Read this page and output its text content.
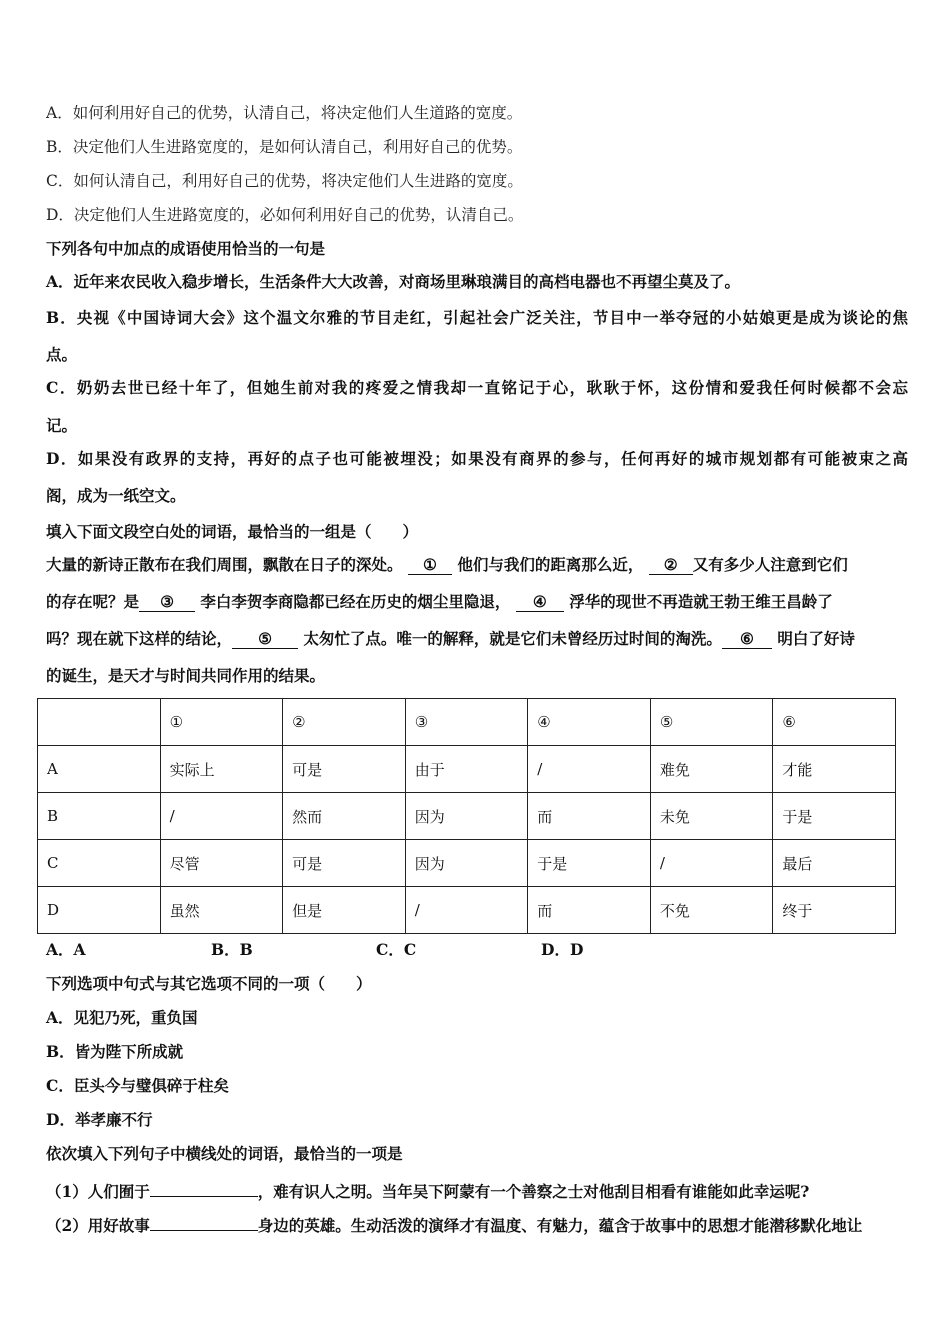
A．如何利用好自己的优势，认清自己，将决定他们人生道路的宽度。
B．决定他们人生进路宽度的，是如何认清自己，利用好自己的优势。
C．如何认清自己，利用好自己的优势，将决定他们人生进路的宽度。
D．决定他们人生进路宽度的，必如何利用好自己的优势，认清自己。
下列各句中加点的成语使用恰当的一句是
A．近年来农民收入稳步增长，生活条件大大改善，对商场里琳琅满目的高档电器也不再望尘莫及了。
B．央视《中国诗词大会》这个温文尔雅的节目走红，引起社会广泛关注，节目中一举夺冠的小姑娘更是成为谈论的焦
点。
C．奶奶去世已经十年了，但她生前对我的疼爱之情我却一直铭记于心，耿耿于怀，这份情和爱我任何时候都不会忘
记。
D．如果没有政界的支持，再好的点子也可能被埋没；如果没有商界的参与，任何再好的城市规划都有可能被束之高
阁，成为一纸空文。
填入下面文段空白处的词语，最恰当的一组是（　　）
大量的新诗正散布在我们周围，飘散在日子的深处。 ① 他们与我们的距离那么近， ② 又有多少人注意到它们
的存在呢？是 ③ 李白李贺李商隐都已经在历史的烟尘里隐退， ④ 浮华的现世不再造就王勃王维王昌龄了
吗？现在就下这样的结论， ⑤ 太匆忙了点。唯一的解释，就是它们未曾经历过时间的淘洗。 ⑥ 明白了好诗
的诞生，是天才与时间共同作用的结果。
	①	②	③	④	⑤	⑥
A	实际上	可是	由于	/	难免	才能
B	/	然而	因为	而	未免	于是
C	尽管	可是	因为	于是	/	最后
D	虽然	但是	/	而	不免	终于
A．A	B．B	C．C	D．D
下列选项中句式与其它选项不同的一项（　　）
A．见犯乃死，重负国
B．皆为陛下所成就
C．臣头今与璧俱碎于柱矣
D．举孝廉不行
依次填入下列句子中横线处的词语，最恰当的一项是
（1）人们囿于	，难有识人之明。当年吴下阿蒙有一个善察之士对他刮目相看有谁能如此幸运呢?
（2）用好故事	身边的英雄。生动活泼的演绎才有温度、有魅力，蕴含于故事中的思想才能潜移默化地让
